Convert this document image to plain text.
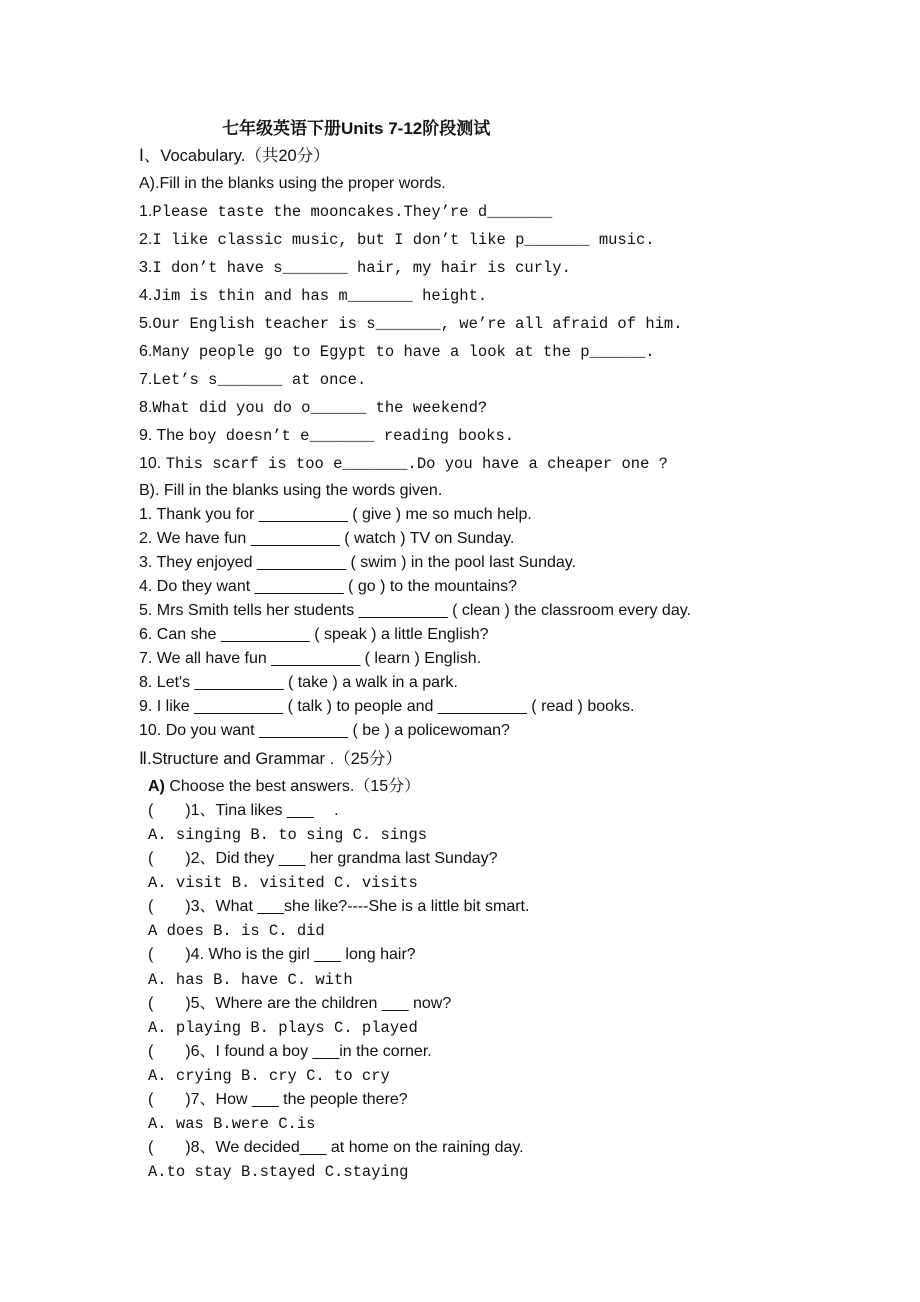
七年级英语下册Units 7-12阶段测试
Ⅰ、Vocabulary.（共20分）
A).Fill in the blanks using the proper words.
1.Please taste the mooncakes.They’re d_______
2.I like classic music, but I don’t like p_______ music.
3.I don’t have s_______ hair, my hair is curly.
4.Jim is thin and has m_______ height.
5.Our English teacher is s_______, we’re all afraid of him.
6.Many people go to Egypt to have a look at the p______.
7.Let’s s_______ at once.
8.What did you do o______ the weekend?
9. The boy doesn’t e_______ reading books.
10. This scarf is too e_______.Do you have a cheaper one ?
B). Fill in the blanks using the words given.
1. Thank you for __________ ( give ) me so much help.
2. We have fun __________ ( watch ) TV on Sunday.
3. They enjoyed __________ ( swim ) in the pool last Sunday.
4. Do they want __________ ( go ) to the mountains?
5. Mrs Smith tells her students __________ ( clean ) the classroom every day.
6. Can she __________ ( speak ) a little English?
7. We all have fun __________ ( learn ) English.
8. Let's __________ ( take ) a walk in a park.
9. I like __________ ( talk ) to people and __________ ( read ) books.
10. Do you want __________ ( be ) a policewoman?
Ⅱ.Structure and Grammar .（25分）
A) Choose the best answers.（15分）
(　　)1、Tina likes ___　 .
A. singing B. to sing C. sings
(　　)2、Did they ___ her grandma last Sunday?
A. visit B. visited C. visits
(　　)3、What ___she like?----She is a little bit smart.
A does B. is C. did
(　　)4. Who is the girl ___ long hair?
A. has B. have C. with
(　　)5、Where are the children ___ now?
A. playing B. plays C. played
(　　)6、I found a boy ___in the corner.
A. crying B. cry C. to cry
(　　)7、How ___ the people there?
A. was B.were C.is
(　　)8、We decided___ at home on the raining day.
A.to stay B.stayed C.staying
